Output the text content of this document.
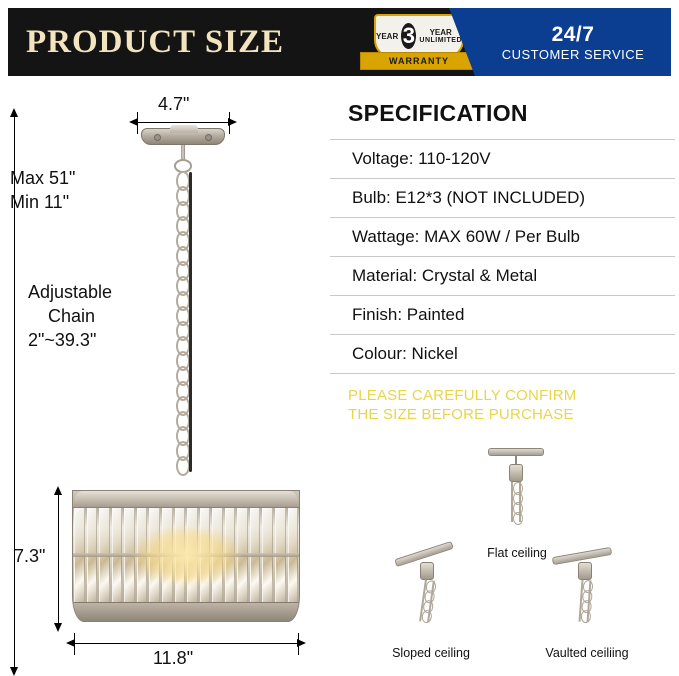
PRODUCT SIZE	YEAR 3	YEAR
UNLIMITED
WARRANTY
24/7
CUSTOMER SERVICE
4.7"
Max 51"
Min 11"
Adjustable
Chain
2"~39.3"
7.3"
11.8"
SPECIFICATION
Voltage: 110-120V
Bulb: E12*3 (NOT INCLUDED)
Wattage: MAX 60W / Per Bulb
Material: Crystal & Metal
Finish: Painted
Colour: Nickel
PLEASE CAREFULLY CONFIRM
THE SIZE BEFORE PURCHASE
Flat ceiling
Sloped ceiling	Vaulted ceiliing
